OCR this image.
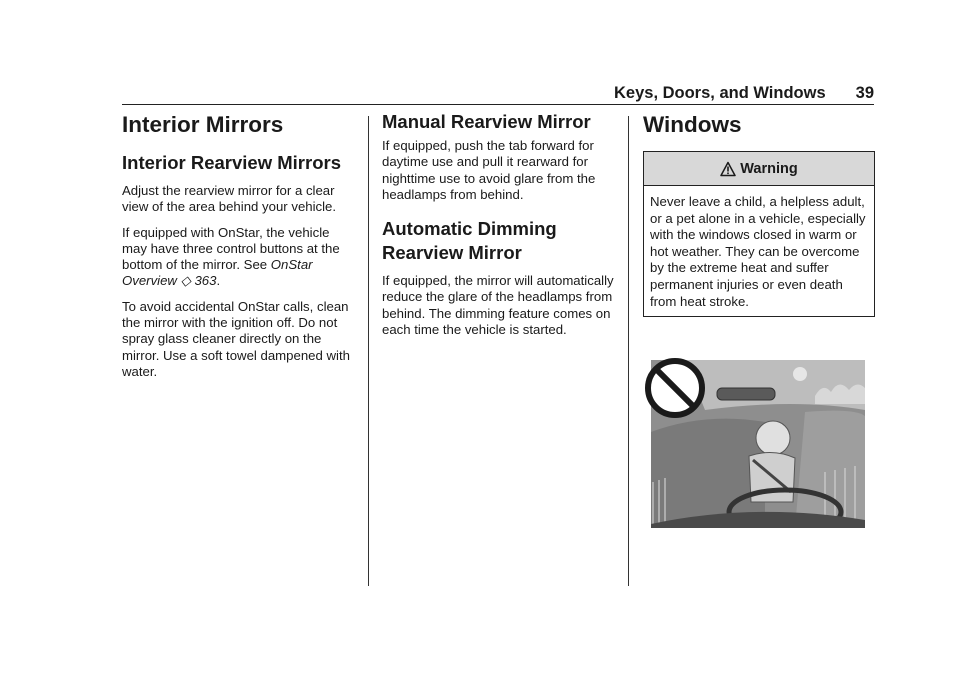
Keys, Doors, and Windows 39
Interior Mirrors
Interior Rearview Mirrors

Adjust the rearview mirror for a clear view of the area behind your vehicle.

If equipped with OnStar, the vehicle may have three control buttons at the bottom of the mirror. See OnStar Overview ◇ 363.

To avoid accidental OnStar calls, clean the mirror with the ignition off. Do not spray glass cleaner directly on the mirror. Use a soft towel dampened with water.

Manual Rearview Mirror

If equipped, push the tab forward for daytime use and pull it rearward for nighttime use to avoid glare from the headlamps from behind.

Automatic Dimming Rearview Mirror

If equipped, the mirror will automatically reduce the glare of the headlamps from behind. The dimming feature comes on each time the vehicle is started.

Windows
Warning

Never leave a child, a helpless adult, or a pet alone in a vehicle, especially with the windows closed in warm or hot weather. They can be overcome by the extreme heat and suffer permanent injuries or even death from heat stroke.
